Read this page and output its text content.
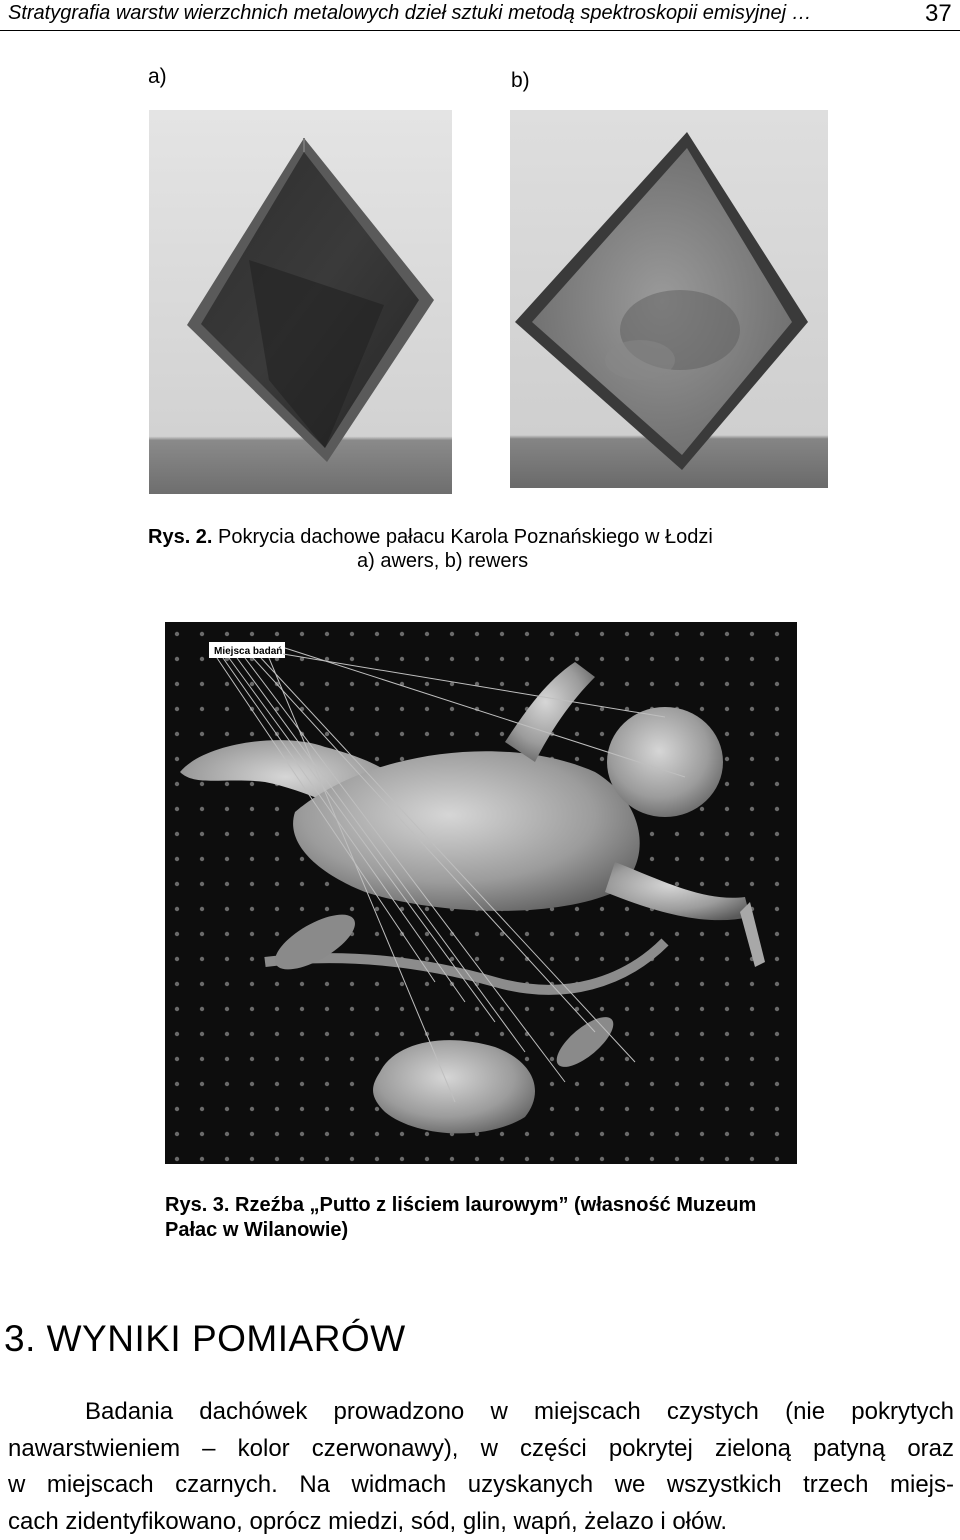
Stratygrafia warstw wierzchnich metalowych dzieł sztuki metodą spektroskopii emisyjnej …	37
a)	b)
Rys. 2. Pokrycia dachowe pałacu Karola Poznańskiego w Łodzi
a) awers, b) rewers
Miejsca badań
Rys. 3. Rzeźba „Putto z liściem laurowym” (własność Muzeum
Pałac w Wilanowie)
3. WYNIKI POMIARÓW
Badania dachówek prowadzono w miejscach czystych (nie pokrytych
nawarstwieniem – kolor czerwonawy), w części pokrytej zieloną patyną oraz
w miejscach czarnych. Na widmach uzyskanych we wszystkich trzech miejs-
cach zidentyfikowano, oprócz miedzi, sód, glin, wapń, żelazo i ołów.
